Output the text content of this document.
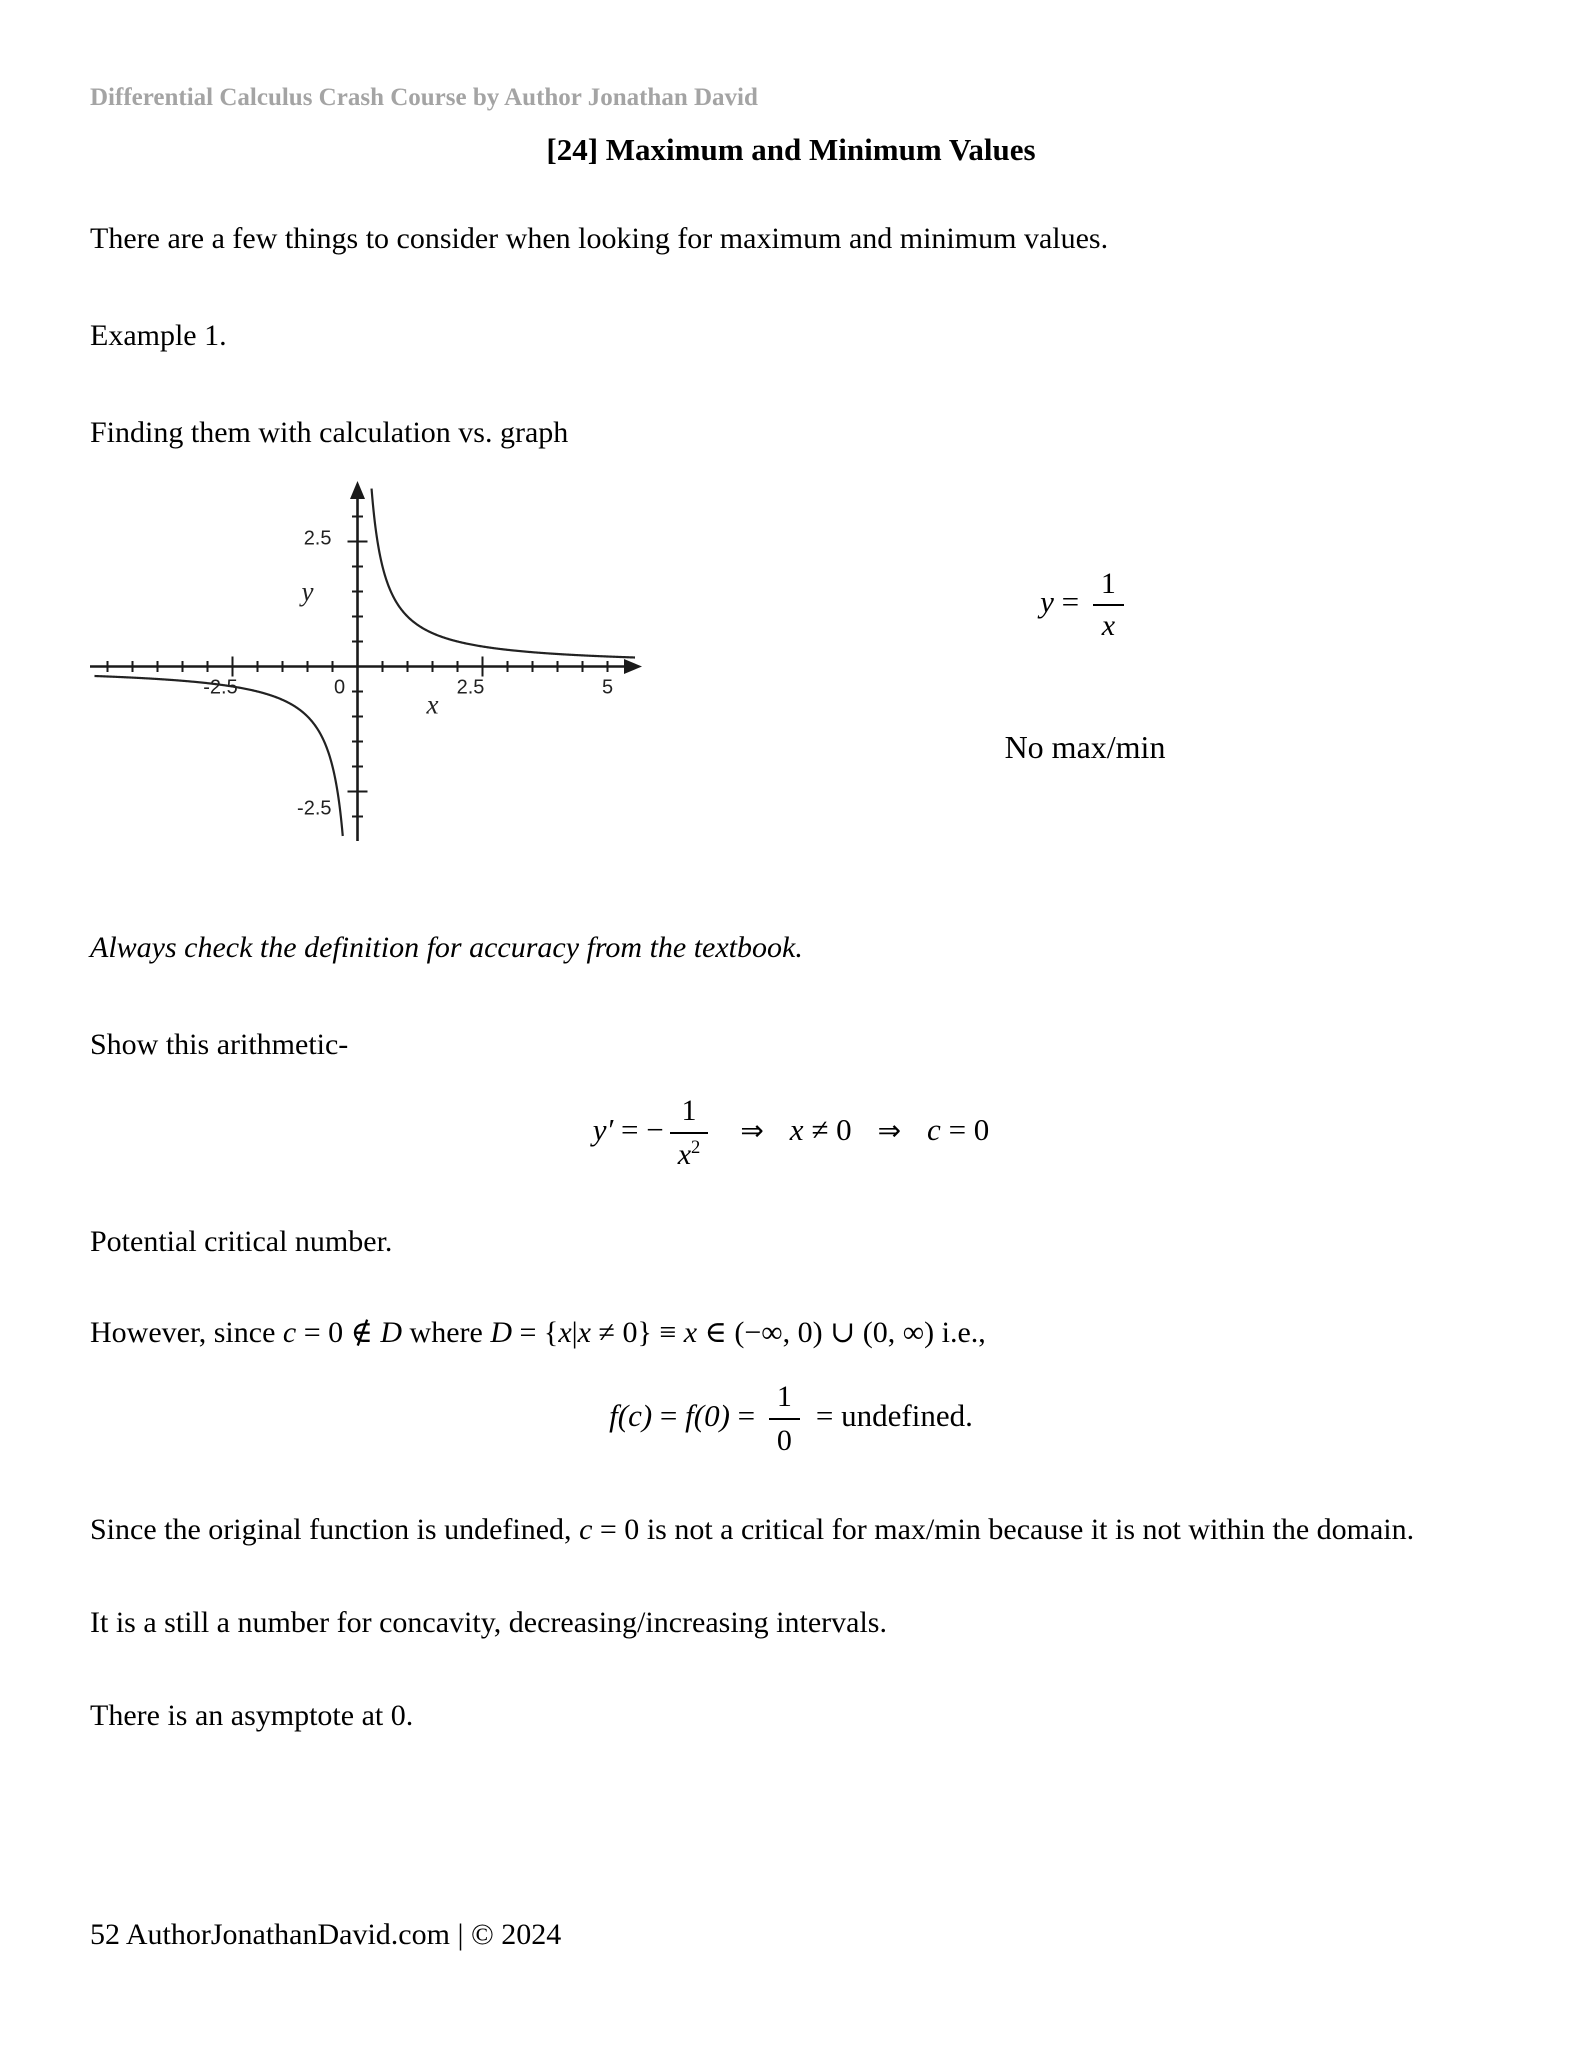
Differential Calculus Crash Course by Author Jonathan David
[24] Maximum and Minimum Values

There are a few things to consider when looking for maximum and minimum values.

Example 1.

Finding them with calculation vs. graph

-2.5	0	2.5	5
2.5
-2.5
x
y	$y = \frac{1}{x}$
No max/min

Always check the definition for accuracy from the textbook.

Show this arithmetic-

y′ = − $\frac{1}{x^2}$ ⇒ x ≠ 0 ⇒ c = 0

Potential critical number.

However, since c = 0 ∉ D where D = {x|x ≠ 0} ≡ x ∈ (−∞, 0) ∪ (0, ∞) i.e.,

$f(c) = f(0) = \frac{1}{0}$ = undefined.

Since the original function is undefined, c = 0 is not a critical for max/min because it is not within the domain.

It is a still a number for concavity, decreasing/increasing intervals.

There is an asymptote at 0.

52 AuthorJonathanDavid.com | © 2024
